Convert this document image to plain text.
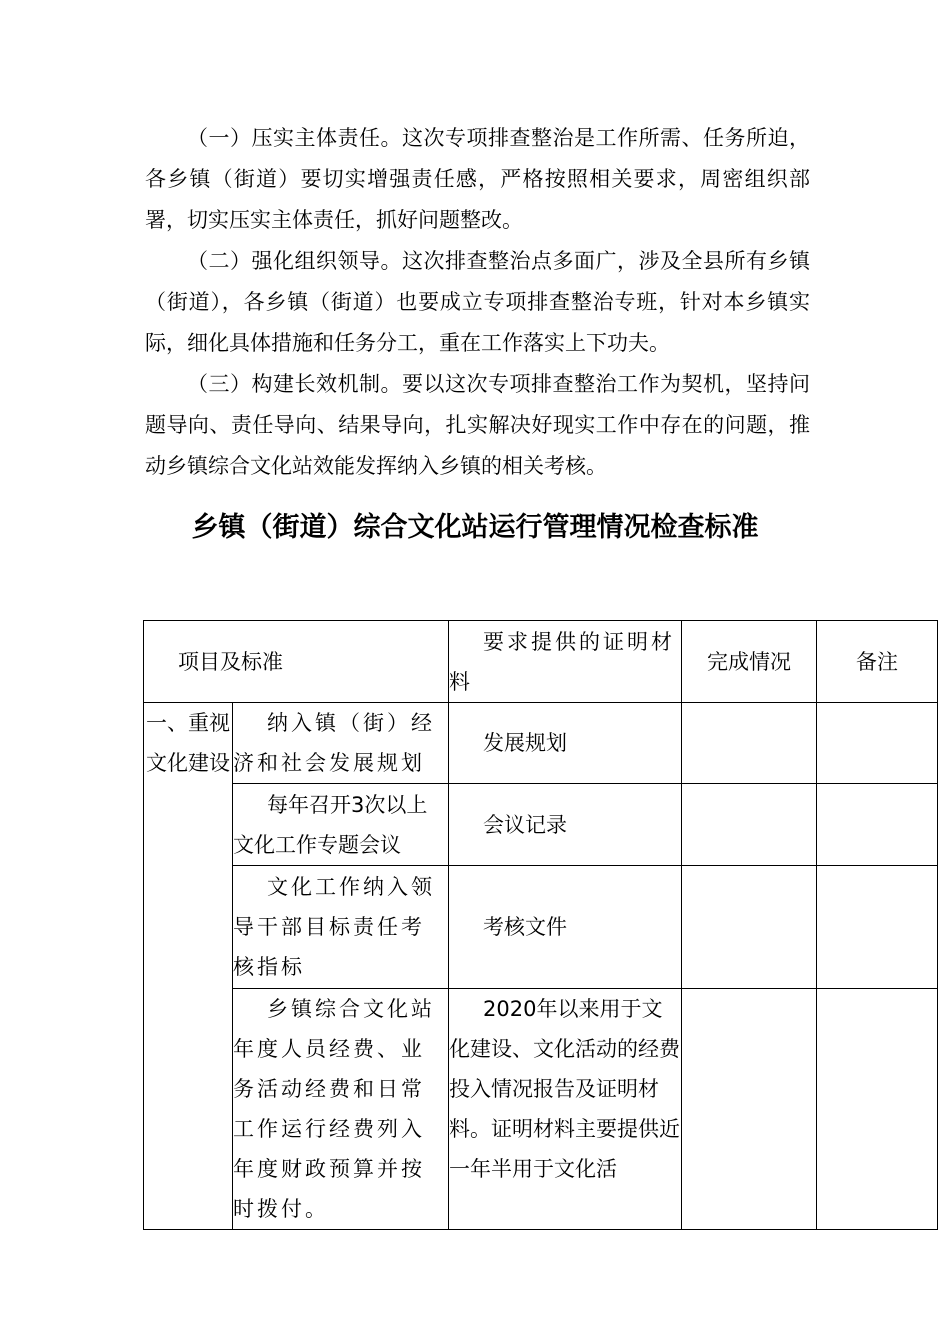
（一）压实主体责任。这次专项排查整治是工作所需、任务所迫，各乡镇（街道）要切实增强责任感，严格按照相关要求，周密组织部署，切实压实主体责任，抓好问题整改。

（二）强化组织领导。这次排查整治点多面广，涉及全县所有乡镇（街道），各乡镇（街道）也要成立专项排查整治专班，针对本乡镇实际，细化具体措施和任务分工，重在工作落实上下功夫。

（三）构建长效机制。要以这次专项排查整治工作为契机，坚持问题导向、责任导向、结果导向，扎实解决好现实工作中存在的问题，推动乡镇综合文化站效能发挥纳入乡镇的相关考核。

乡镇（街道）综合文化站运行管理情况检查标准
项目及标准		要求提供的证明材料	完成情况	备注
一、重视文化建设	纳入镇（街）经济和社会发展规划	发展规划		
	每年召开3次以上文化工作专题会议	会议记录		
	文化工作纳入领导干部目标责任考核指标	考核文件		
	乡镇综合文化站年度人员经费、业务活动经费和日常工作运行经费列入年度财政预算并按时拨付。	2020年以来用于文化建设、文化活动的经费投入情况报告及证明材料。证明材料主要提供近一年半用于文化活		
